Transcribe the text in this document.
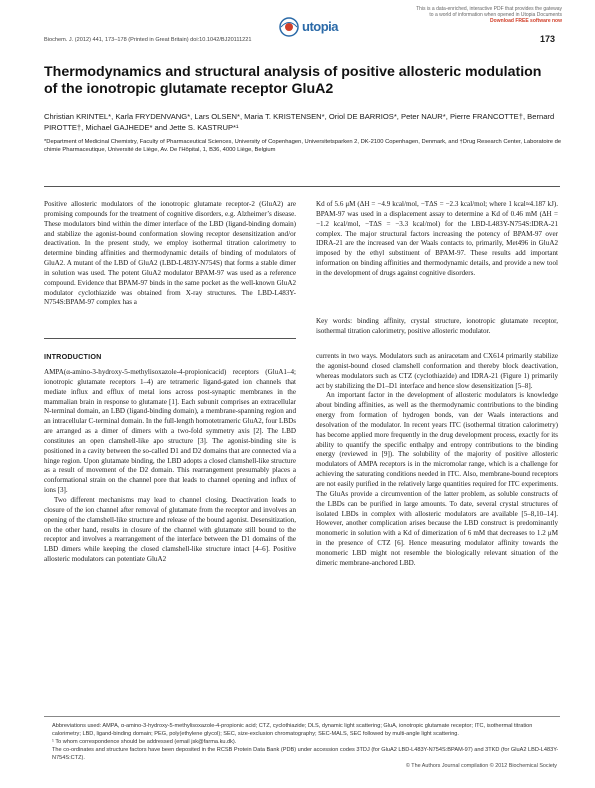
Biochem. J. (2012) 441, 173–178 (Printed in Great Britain) doi:10.1042/BJ20111221	173
utopia
This is a data-enriched, interactive PDF that provides the gateway to a world of information when opened in Utopia Documents
Download FREE software now
Thermodynamics and structural analysis of positive allosteric modulation of the ionotropic glutamate receptor GluA2
Christian KRINTEL*, Karla FRYDENVANG*, Lars OLSEN*, Maria T. KRISTENSEN*, Oriol DE BARRIOS*, Peter NAUR*, Pierre FRANCOTTE†, Bernard PIROTTE†, Michael GAJHEDE* and Jette S. KASTRUP*¹
*Department of Medicinal Chemistry, Faculty of Pharmaceutical Sciences, University of Copenhagen, Universitetsparken 2, DK-2100 Copenhagen, Denmark, and †Drug Research Center, Laboratoire de chimie Pharmaceutique, Université de Liège, Av. De l’Hôpital, 1, B36, 4000 Liège, Belgium

Positive allosteric modulators of the ionotropic glutamate receptor-2 (GluA2) are promising compounds for the treatment of cognitive disorders, e.g. Alzheimer’s disease. These modulators bind within the dimer interface of the LBD (ligand-binding domain) and stabilize the agonist-bound conformation slowing receptor desensitization and/or deactivation. In the present study, we employ isothermal titration calorimetry to determine binding affinities and thermodynamic details of binding of modulators of GluA2. A mutant of the LBD of GluA2 (LBD-L483Y-N754S) that forms a stable dimer in solution was used. The potent GluA2 modulator BPAM-97 was used as a reference compound. Evidence that BPAM-97 binds in the same pocket as the well-known GluA2 modulator cyclothiazide was obtained from X-ray structures. The LBD-L483Y-N754S:BPAM-97 complex has a

Kd of 5.6 μM (ΔH = −4.9 kcal/mol, −TΔS = −2.3 kcal/mol; where 1 kcal≈4.187 kJ). BPAM-97 was used in a displacement assay to determine a Kd of 0.46 mM (ΔH = −1.2 kcal/mol, −TΔS = −3.3 kcal/mol) for the LBD-L483Y-N754S:IDRA-21 complex. The major structural factors increasing the potency of BPAM-97 over IDRA-21 are the increased van der Waals contacts to, primarily, Met496 in GluA2 imposed by the ethyl substituent of BPAM-97. These results add important information on binding affinities and thermodynamic details, and provide a new tool in the development of drugs against cognitive disorders.

Key words: binding affinity, crystal structure, ionotropic glutamate receptor, isothermal titration calorimetry, positive allosteric modulator.

INTRODUCTION

AMPA(α-amino-3-hydroxy-5-methylisoxazole-4-propionicacid) receptors (GluA1–4; ionotropic glutamate receptors 1–4) are tetrameric ligand-gated ion channels that mediate influx and efflux of metal ions across post-synaptic membranes in the mammalian brain in response to glutamate [1]. Each subunit comprises an extracellular N-terminal domain, an LBD (ligand-binding domain), a membrane-spanning region and an intracellular C-terminal domain. In the full-length homotetrameric GluA2, four LBDs are arranged as a dimer of dimers with a two-fold symmetry axis [2]. The LBD constitutes an open clamshell-like apo structure [3]. The agonist-binding site is positioned in a cavity between the so-called D1 and D2 domains that are connected via a hinge region. Upon glutamate binding, the LBD adopts a closed clamshell-like structure as a result of movement of the D2 domain. This rearrangement presumably places a conformational strain on the channel pore that leads to channel opening and influx of ions [3].

Two different mechanisms may lead to channel closing. Deactivation leads to closure of the ion channel after removal of glutamate from the receptor and involves an opening of the clamshell-like structure and release of the bound agonist. Desensitization, on the other hand, results in closure of the channel with glutamate still bound to the receptor and involves a rearrangement of the interface between the D1 domains of the LBD dimers while keeping the closed clamshell-like structure intact [4–6]. Positive allosteric modulators can potentiate GluA2

currents in two ways. Modulators such as aniracetam and CX614 primarily stabilize the agonist-bound closed clamshell conformation and thereby block deactivation, whereas modulators such as CTZ (cyclothiazide) and IDRA-21 (Figure 1) primarily act by stabilizing the D1–D1 interface and hence slow desensitization [5–8].

An important factor in the development of allosteric modulators is knowledge about binding affinities, as well as the thermodynamic contributions to the binding energy from formation of hydrogen bonds, van der Waals interactions and desolvation of the modulator. In recent years ITC (isothermal titration calorimetry) has become applied more frequently in the drug development process, exactly for its ability to quantify the specific enthalpy and entropy contributions to the binding energy (reviewed in [9]). The solubility of the majority of positive allosteric modulators of AMPA receptors is in the micromolar range, which is a challenge for achieving the saturating conditions needed in ITC. Also, membrane-bound receptors are not easily purified in the relatively large quantities required for ITC experiments. The GluAs provide a circumvention of the latter problem, as soluble constructs of the LBDs can be purified in large amounts. To date, several crystal structures of isolated LBDs in complex with allosteric modulators are available [5–8,10–14]. However, another complication arises because the LBD construct is predominantly monomeric in solution with a Kd of dimerization of 6 mM that decreases to 1.2 μM in the presence of CTZ [6]. Hence measuring modulator affinity towards the monomeric LBD might not resemble the biologically relevant situation of the dimeric membrane-anchored LBD.

Abbreviations used: AMPA, α-amino-3-hydroxy-5-methylisoxazole-4-propionic acid; CTZ, cyclothiazide; DLS, dynamic light scattering; GluA, ionotropic glutamate receptor; ITC, isothermal titration calorimetry; LBD, ligand-binding domain; PEG, poly(ethylene glycol); SEC, size-exclusion chromatography; SEC-MALS, SEC followed by multi-angle light scattering.

¹ To whom correspondence should be addressed (email jsk@farma.ku.dk).

The co-ordinates and structure factors have been deposited in the RCSB Protein Data Bank (PDB) under accession codes 3TDJ (for GluA2 LBD-L483Y-N754S:BPAM-97) and 3TKD (for GluA2 LBD-L483Y-N754S:CTZ).

© The Authors Journal compilation © 2012 Biochemical Society
